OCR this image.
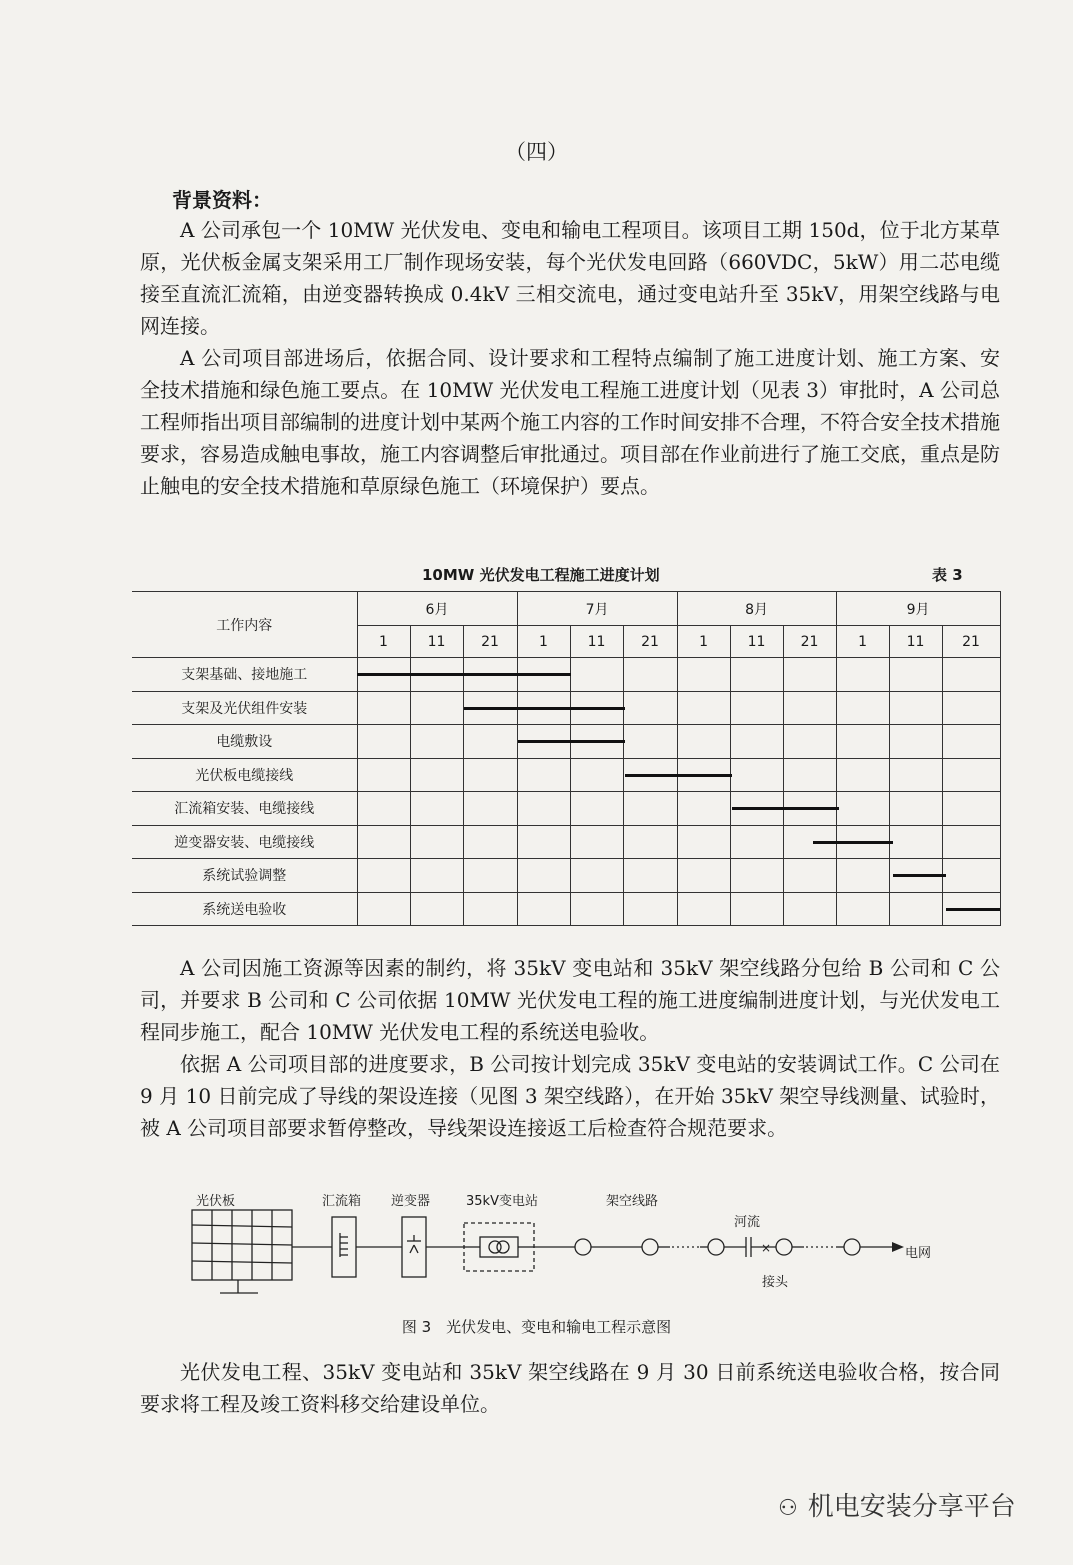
（四）
背景资料：

A 公司承包一个 10MW 光伏发电、变电和输电工程项目。该项目工期 150d，位于北方某草原，光伏板金属支架采用工厂制作现场安装，每个光伏发电回路（660VDC，5kW）用二芯电缆接至直流汇流箱，由逆变器转换成 0.4kV 三相交流电，通过变电站升至 35kV，用架空线路与电网连接。

A 公司项目部进场后，依据合同、设计要求和工程特点编制了施工进度计划、施工方案、安全技术措施和绿色施工要点。在 10MW 光伏发电工程施工进度计划（见表 3）审批时，A 公司总工程师指出项目部编制的进度计划中某两个施工内容的工作时间安排不合理，不符合安全技术措施要求，容易造成触电事故，施工内容调整后审批通过。项目部在作业前进行了施工交底，重点是防止触电的安全技术措施和草原绿色施工（环境保护）要点。

10MW 光伏发电工程施工进度计划	表 3
工作内容	6月			7月			8月			9月		
	1	11	21	1	11	21	1	11	21	1	11	21
支架基础、接地施工												
支架及光伏组件安装												
电缆敷设												
光伏板电缆接线												
汇流箱安装、电缆接线												
逆变器安装、电缆接线												
系统试验调整												
系统送电验收												

A 公司因施工资源等因素的制约，将 35kV 变电站和 35kV 架空线路分包给 B 公司和 C 公司，并要求 B 公司和 C 公司依据 10MW 光伏发电工程的施工进度编制进度计划，与光伏发电工程同步施工，配合 10MW 光伏发电工程的系统送电验收。

依据 A 公司项目部的进度要求，B 公司按计划完成 35kV 变电站的安装调试工作。C 公司在 9 月 10 日前完成了导线的架设连接（见图 3 架空线路），在开始 35kV 架空导线测量、试验时，被 A 公司项目部要求暂停整改，导线架设连接返工后检查符合规范要求。

光伏板	汇流箱 逆变器	35kV变电站	架空线路
河流
接头
电网
×
图 3　光伏发电、变电和输电工程示意图

光伏发电工程、35kV 变电站和 35kV 架空线路在 9 月 30 日前系统送电验收合格，按合同要求将工程及竣工资料移交给建设单位。

⚇ 机电安装分享平台
